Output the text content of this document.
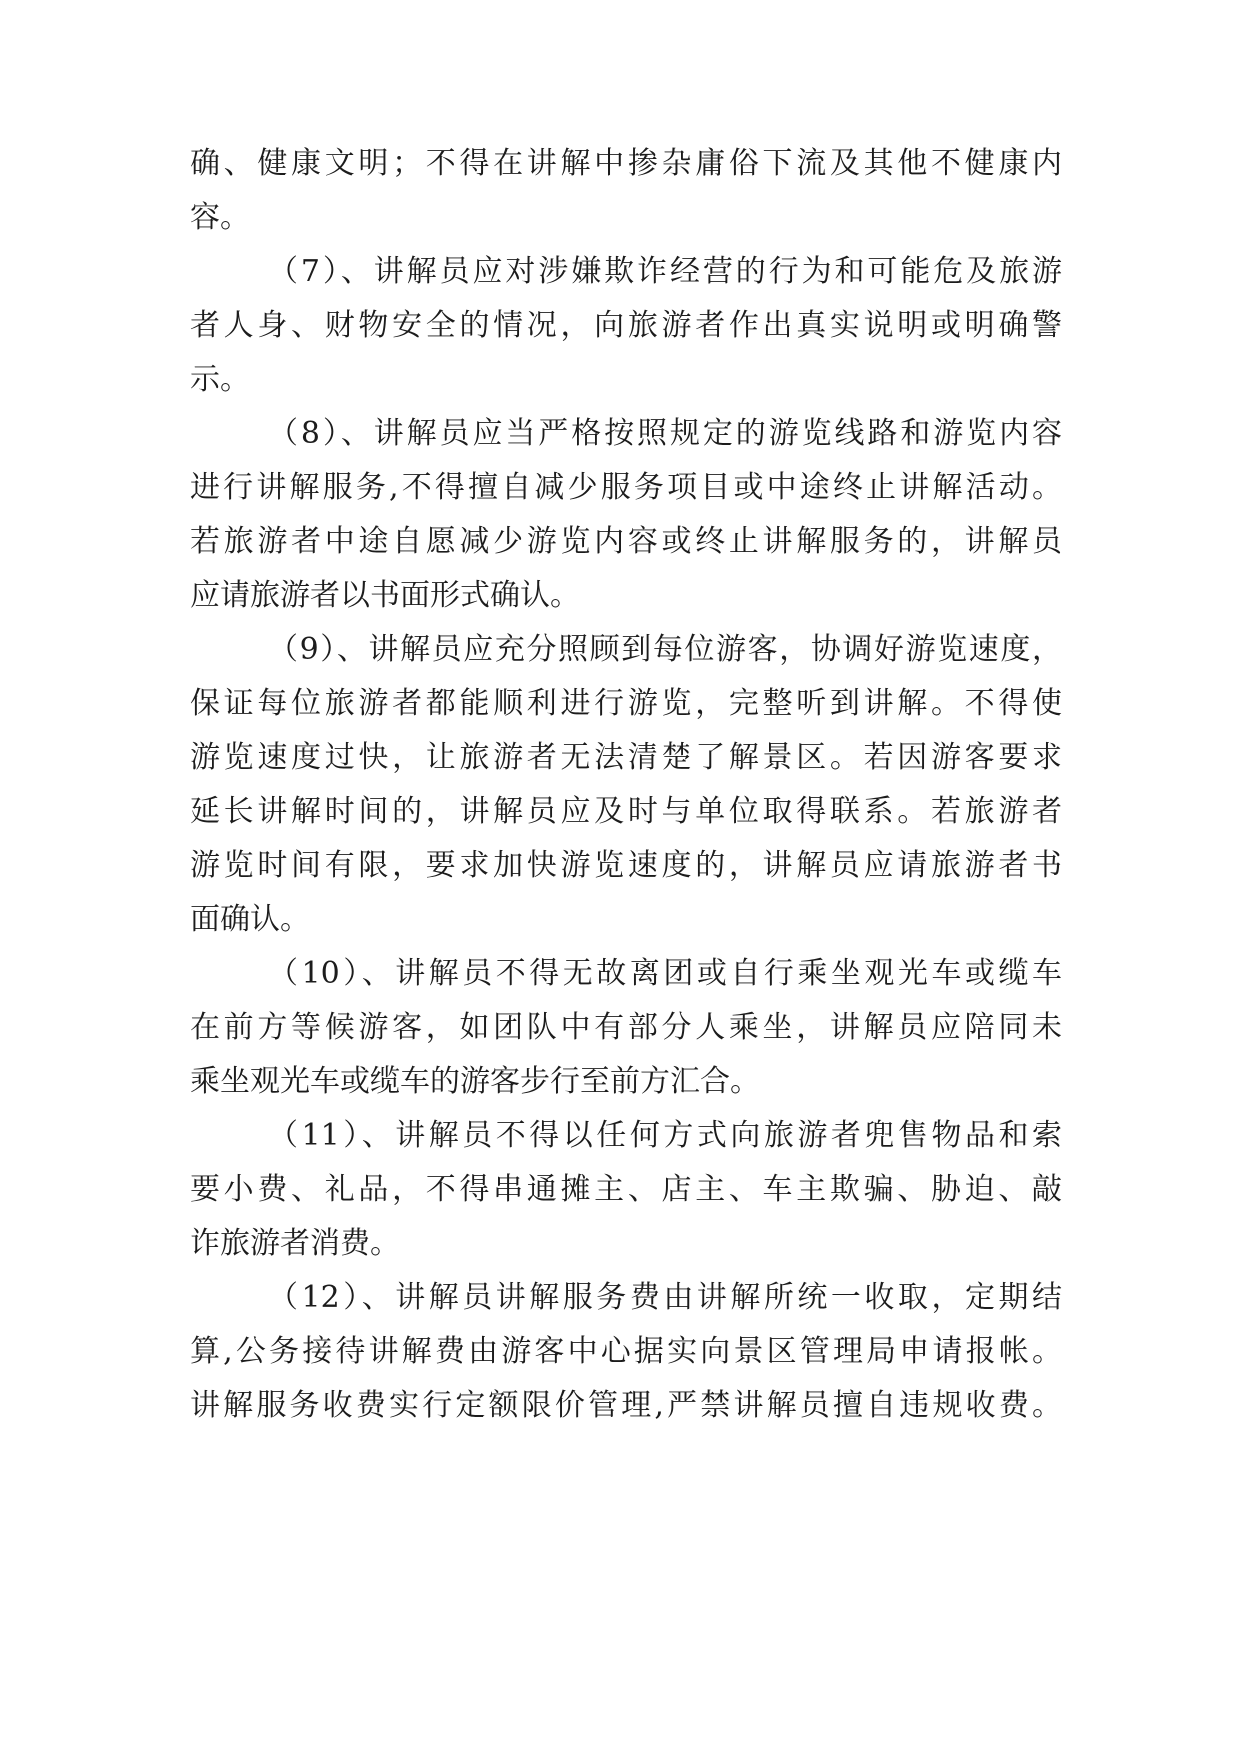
确、健康文明；不得在讲解中掺杂庸俗下流及其他不健康内
容。
（7）、讲解员应对涉嫌欺诈经营的行为和可能危及旅游
者人身、财物安全的情况，向旅游者作出真实说明或明确警
示。
（8）、讲解员应当严格按照规定的游览线路和游览内容
进行讲解服务,不得擅自减少服务项目或中途终止讲解活动。
若旅游者中途自愿减少游览内容或终止讲解服务的，讲解员
应请旅游者以书面形式确认。
（9）、讲解员应充分照顾到每位游客，协调好游览速度，
保证每位旅游者都能顺利进行游览，完整听到讲解。不得使
游览速度过快，让旅游者无法清楚了解景区。若因游客要求
延长讲解时间的，讲解员应及时与单位取得联系。若旅游者
游览时间有限，要求加快游览速度的，讲解员应请旅游者书
面确认。
（10）、讲解员不得无故离团或自行乘坐观光车或缆车
在前方等候游客，如团队中有部分人乘坐，讲解员应陪同未
乘坐观光车或缆车的游客步行至前方汇合。
（11）、讲解员不得以任何方式向旅游者兜售物品和索
要小费、礼品，不得串通摊主、店主、车主欺骗、胁迫、敲
诈旅游者消费。
（12）、讲解员讲解服务费由讲解所统一收取，定期结
算,公务接待讲解费由游客中心据实向景区管理局申请报帐。
讲解服务收费实行定额限价管理,严禁讲解员擅自违规收费。
